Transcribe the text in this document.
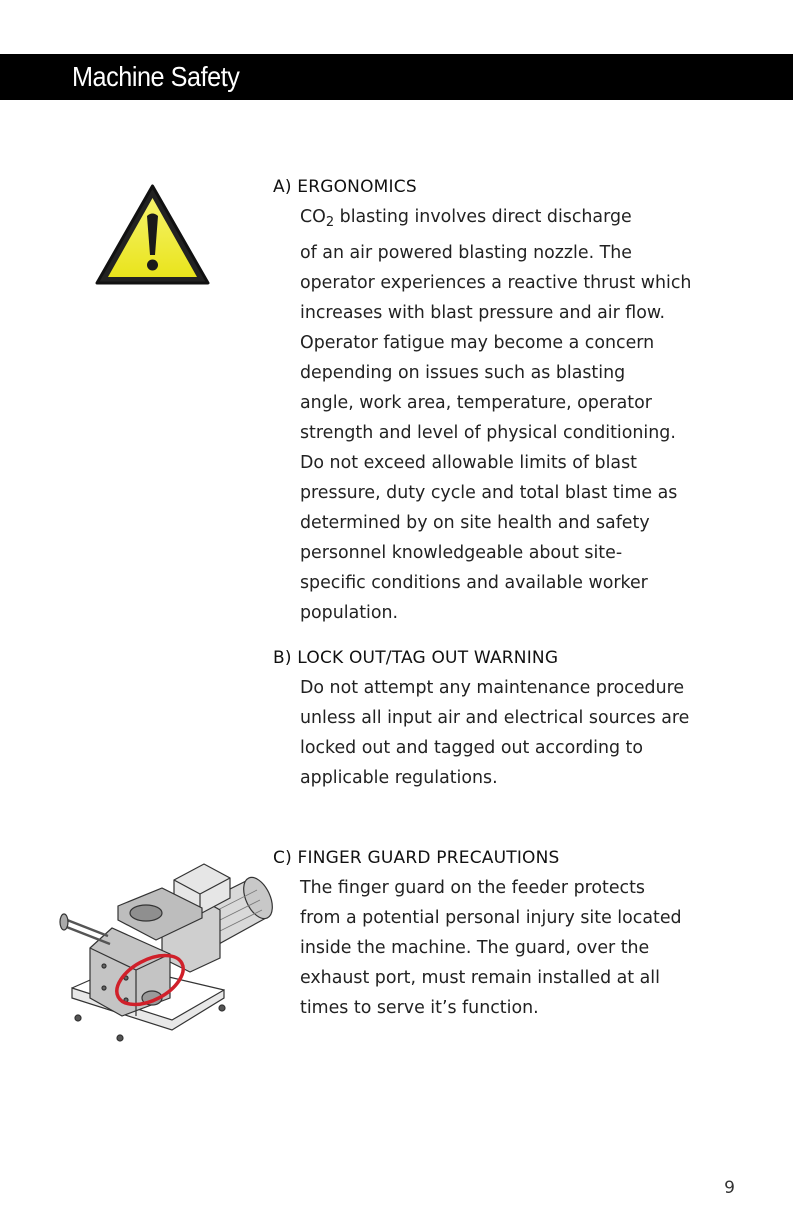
Machine Safety
A) ERGONOMICS
$CO_2$ blasting involves direct discharge
of an air powered blasting nozzle. The
operator experiences a reactive thrust which
increases with blast pressure and air flow.
Operator fatigue may become a concern
depending on issues such as blasting
angle, work area, temperature, operator
strength and level of physical conditioning.
Do not exceed allowable limits of blast
pressure, duty cycle and total blast time as
determined by on site health and safety
personnel knowledgeable about site-
specific conditions and available worker
population.
B) LOCK OUT/TAG OUT WARNING
Do not attempt any maintenance procedure
unless all input air and electrical sources are
locked out and tagged out according to
applicable regulations.
C) FINGER GUARD PRECAUTIONS
The finger guard on the feeder protects
from a potential personal injury site located
inside the machine. The guard, over the
exhaust port, must remain installed at all
times to serve it’s function.
9
